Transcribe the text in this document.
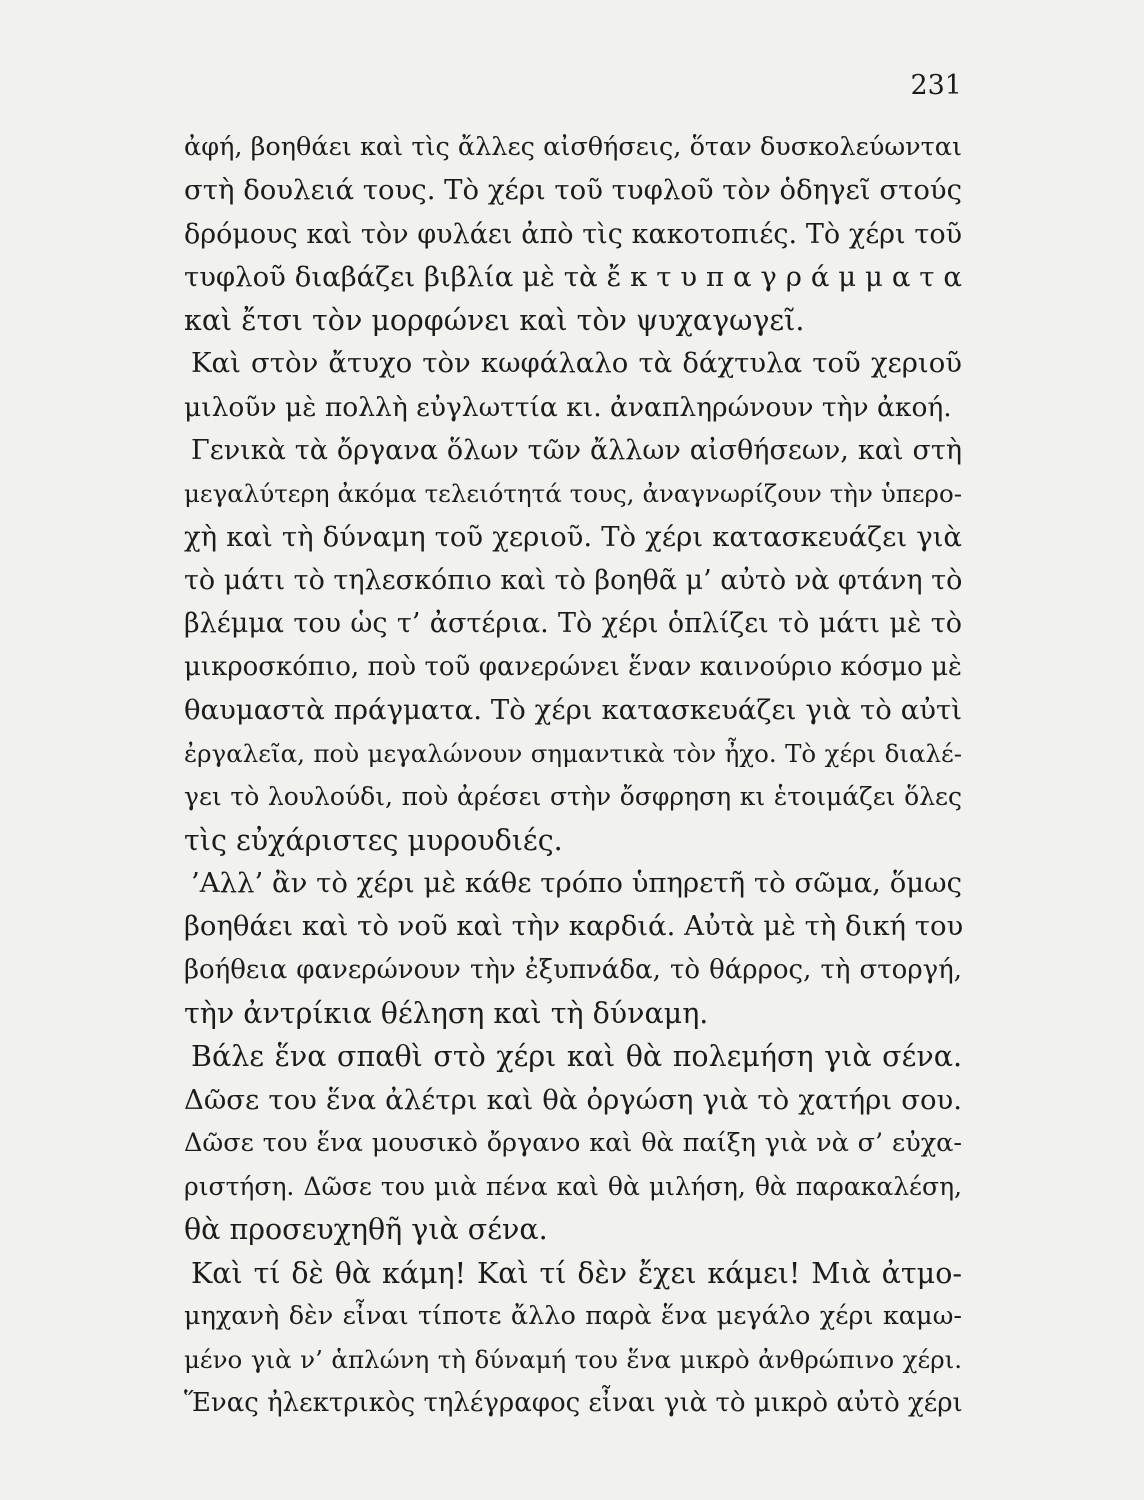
231
ἀφή, βοηθάει καὶ τὶς ἄλλες αἰσθήσεις, ὅταν δυσκολεύωνται
στὴ δουλειά τους. Τὸ χέρι τοῦ τυφλοῦ τὸν ὁδηγεῖ στούς
δρόμους καὶ τὸν φυλάει ἀπὸ τὶς κακοτοπιές. Τὸ χέρι τοῦ
τυφλοῦ διαβάζει βιβλία μὲ τὰ ἔ κ τ υ π α γ ρ ά μ μ α τ α
καὶ ἔτσι τὸν μορφώνει καὶ τὸν ψυχαγωγεῖ.
Καὶ στὸν ἄτυχο τὸν κωφάλαλο τὰ δάχτυλα τοῦ χεριοῦ
μιλοῦν μὲ πολλὴ εὐγλωττία κι. ἀναπληρώνουν τὴν ἀκοή.
Γενικὰ τὰ ὄργανα ὅλων τῶν ἄλλων αἰσθήσεων, καὶ στὴ
μεγαλύτερη ἀκόμα τελειότητά τους, ἀναγνωρίζουν τὴν ὑπερο-
χὴ καὶ τὴ δύναμη τοῦ χεριοῦ. Τὸ χέρι κατασκευάζει γιὰ
τὸ μάτι τὸ τηλεσκόπιο καὶ τὸ βοηθᾶ μ’ αὐτὸ νὰ φτάνη τὸ
βλέμμα του ὡς τ’ ἀστέρια. Τὸ χέρι ὁπλίζει τὸ μάτι μὲ τὸ
μικροσκόπιο, ποὺ τοῦ φανερώνει ἕναν καινούριο κόσμο μὲ
θαυμαστὰ πράγματα. Τὸ χέρι κατασκευάζει γιὰ τὸ αὐτὶ
ἐργαλεῖα, ποὺ μεγαλώνουν σημαντικὰ τὸν ἦχο. Τὸ χέρι διαλέ-
γει τὸ λουλούδι, ποὺ ἀρέσει στὴν ὄσφρηση κι ἑτοιμάζει ὅλες
τὶς εὐχάριστες μυρουδιές.
’Αλλ’ ἂν τὸ χέρι μὲ κάθε τρόπο ὑπηρετῆ τὸ σῶμα, ὅμως
βοηθάει καὶ τὸ νοῦ καὶ τὴν καρδιά. Αὐτὰ μὲ τὴ δική του
βοήθεια φανερώνουν τὴν ἐξυπνάδα, τὸ θάρρος, τὴ στοργή,
τὴν ἀντρίκια θέληση καὶ τὴ δύναμη.
Βάλε ἕνα σπαθὶ στὸ χέρι καὶ θὰ πολεμήση γιὰ σένα.
Δῶσε του ἕνα ἀλέτρι καὶ θὰ ὀργώση γιὰ τὸ χατήρι σου.
Δῶσε του ἕνα μουσικὸ ὄργανο καὶ θὰ παίξη γιὰ νὰ σ’ εὐχα-
ριστήση. Δῶσε του μιὰ πένα καὶ θὰ μιλήση, θὰ παρακαλέση,
θὰ προσευχηθῆ γιὰ σένα.
Καὶ τί δὲ θὰ κάμη! Καὶ τί δὲν ἔχει κάμει! Μιὰ ἀτμο-
μηχανὴ δὲν εἶναι τίποτε ἄλλο παρὰ ἕνα μεγάλο χέρι καμω-
μένο γιὰ ν’ ἁπλώνη τὴ δύναμή του ἕνα μικρὸ ἀνθρώπινο χέρι.
Ἕνας ἠλεκτρικὸς τηλέγραφος εἶναι γιὰ τὸ μικρὸ αὐτὸ χέρι
